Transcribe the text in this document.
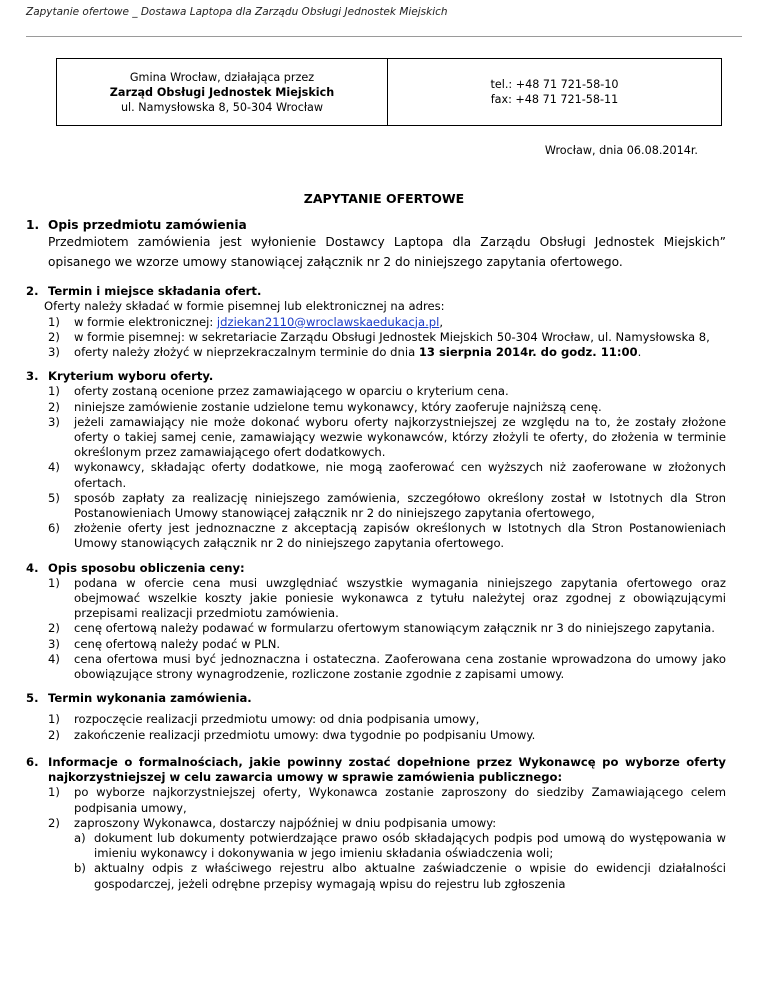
Zapytanie ofertowe _ Dostawa Laptopa dla Zarządu Obsługi Jednostek Miejskich
Gmina Wrocław, działająca przez
Zarząd Obsługi Jednostek Miejskich
ul. Namysłowska 8, 50-304 Wrocław
tel.: +48 71 721-58-10
fax: +48 71 721-58-11
Wrocław, dnia 06.08.2014r.
ZAPYTANIE OFERTOWE
1. Opis przedmiotu zamówienia
Przedmiotem zamówienia jest wyłonienie Dostawcy Laptopa dla Zarządu Obsługi Jednostek Miejskich” opisanego we wzorze umowy stanowiącej załącznik nr 2 do niniejszego zapytania ofertowego.
2. Termin i miejsce składania ofert.
Oferty należy składać w formie pisemnej lub elektronicznej na adres:
1) w formie elektronicznej: jdziekan2110@wroclawskaedukacja.pl,
2) w formie pisemnej: w sekretariacie Zarządu Obsługi Jednostek Miejskich 50-304 Wrocław, ul. Namysłowska 8,
3) oferty należy złożyć w nieprzekraczalnym terminie do dnia 13 sierpnia 2014r. do godz. 11:00.
3. Kryterium wyboru oferty.
1) oferty zostaną ocenione przez zamawiającego w oparciu o kryterium cena.
2) niniejsze zamówienie zostanie udzielone temu wykonawcy, który zaoferuje najniższą cenę.
3) jeżeli zamawiający nie może dokonać wyboru oferty najkorzystniejszej ze względu na to, że zostały złożone oferty o takiej samej cenie, zamawiający wezwie wykonawców, którzy złożyli te oferty, do złożenia w terminie określonym przez zamawiającego ofert dodatkowych.
4) wykonawcy, składając oferty dodatkowe, nie mogą zaoferować cen wyższych niż zaoferowane w złożonych ofertach.
5) sposób zapłaty za realizację niniejszego zamówienia, szczegółowo określony został w Istotnych dla Stron Postanowieniach Umowy stanowiącej załącznik nr 2 do niniejszego zapytania ofertowego,
6) złożenie oferty jest jednoznaczne z akceptacją zapisów określonych w Istotnych dla Stron Postanowieniach Umowy stanowiących załącznik nr 2 do niniejszego zapytania ofertowego.
4. Opis sposobu obliczenia ceny:
1) podana w ofercie cena musi uwzględniać wszystkie wymagania niniejszego zapytania ofertowego oraz obejmować wszelkie koszty jakie poniesie wykonawca z tytułu należytej oraz zgodnej z obowiązującymi przepisami realizacji przedmiotu zamówienia.
2) cenę ofertową należy podawać w formularzu ofertowym stanowiącym załącznik nr 3 do niniejszego zapytania.
3) cenę ofertową należy podać w PLN.
4) cena ofertowa musi być jednoznaczna i ostateczna. Zaoferowana cena zostanie wprowadzona do umowy jako obowiązujące strony wynagrodzenie, rozliczone zostanie zgodnie z zapisami umowy.
5. Termin wykonania zamówienia.
1) rozpoczęcie realizacji przedmiotu umowy: od dnia podpisania umowy,
2) zakończenie realizacji przedmiotu umowy: dwa tygodnie po podpisaniu Umowy.
6. Informacje o formalnościach, jakie powinny zostać dopełnione przez Wykonawcę po wyborze oferty najkorzystniejszej w celu zawarcia umowy w sprawie zamówienia publicznego:
1) po wyborze najkorzystniejszej oferty, Wykonawca zostanie zaproszony do siedziby Zamawiającego celem podpisania umowy,
2) zaproszony Wykonawca, dostarczy najpóźniej w dniu podpisania umowy:
a) dokument lub dokumenty potwierdzające prawo osób składających podpis pod umową do występowania w imieniu wykonawcy i dokonywania w jego imieniu składania oświadczenia woli;
b) aktualny odpis z właściwego rejestru albo aktualne zaświadczenie o wpisie do ewidencji działalności gospodarczej, jeżeli odrębne przepisy wymagają wpisu do rejestru lub zgłoszenia
